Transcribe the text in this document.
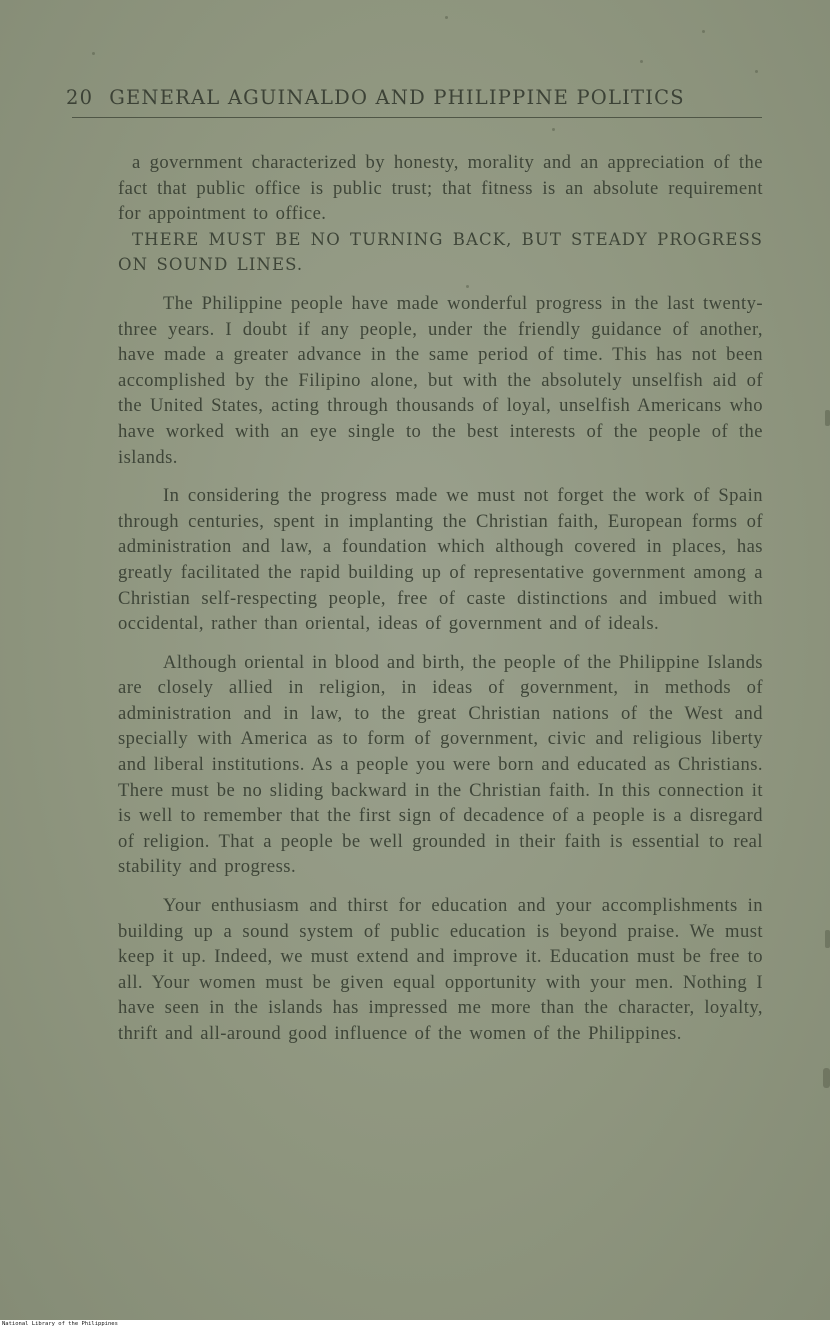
20 GENERAL AGUINALDO AND PHILIPPINE POLITICS

a government characterized by honesty, morality and an appreciation of the fact that public office is public trust; that fitness is an absolute requirement for appointment to office.

THERE MUST BE NO TURNING BACK, BUT STEADY PROGRESS ON SOUND LINES.

The Philippine people have made wonderful progress in the last twenty-three years. I doubt if any people, under the friendly guidance of another, have made a greater advance in the same period of time. This has not been accomplished by the Filipino alone, but with the absolutely unselfish aid of the United States, acting through thousands of loyal, unselfish Americans who have worked with an eye single to the best interests of the people of the islands.

In considering the progress made we must not forget the work of Spain through centuries, spent in implanting the Christian faith, European forms of administration and law, a foundation which although covered in places, has greatly facilitated the rapid building up of representative government among a Christian self-respecting people, free of caste distinctions and imbued with occidental, rather than oriental, ideas of government and of ideals.

Although oriental in blood and birth, the people of the Philippine Islands are closely allied in religion, in ideas of government, in methods of administration and in law, to the great Christian nations of the West and specially with America as to form of government, civic and religious liberty and liberal institutions. As a people you were born and educated as Christians. There must be no sliding backward in the Christian faith. In this connection it is well to remember that the first sign of decadence of a people is a disregard of religion. That a people be well grounded in their faith is essential to real stability and progress.

Your enthusiasm and thirst for education and your accomplishments in building up a sound system of public education is beyond praise. We must keep it up. Indeed, we must extend and improve it. Education must be free to all. Your women must be given equal opportunity with your men. Nothing I have seen in the islands has impressed me more than the character, loyalty, thrift and all-around good influence of the women of the Philippines.

National Library of the Philippines
